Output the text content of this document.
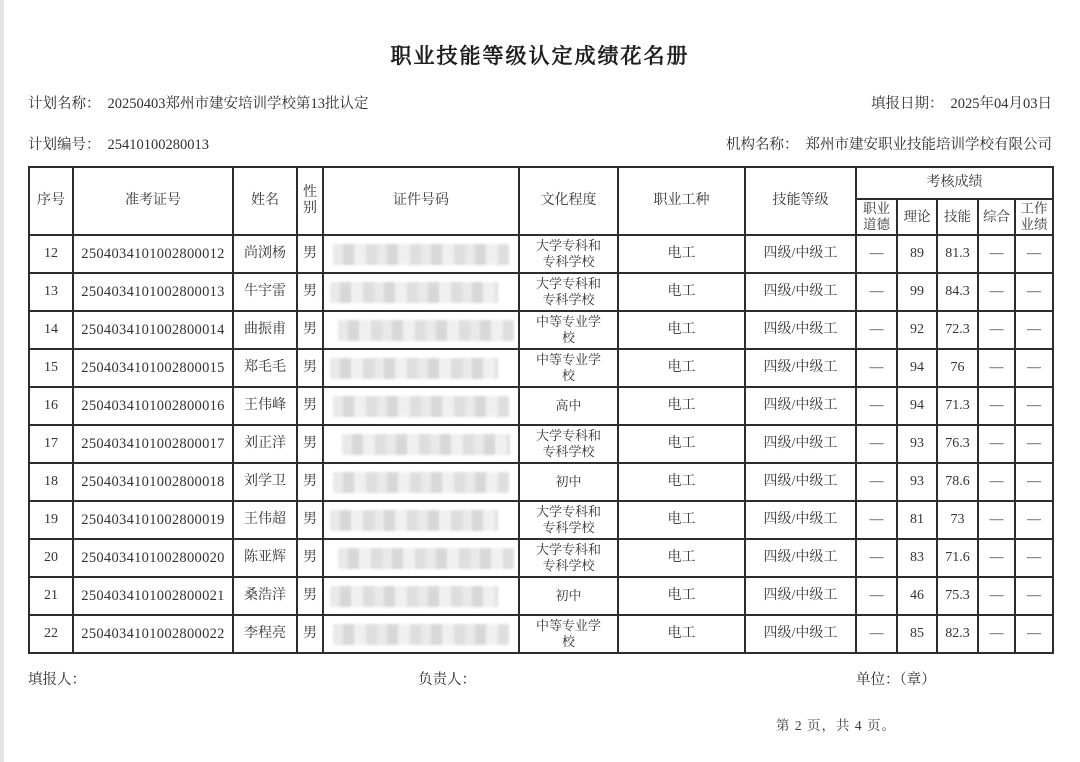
职业技能等级认定成绩花名册
计划名称： 20250403郑州市建安培训学校第13批认定	填报日期： 2025年04月03日
计划编号： 25410100280013	机构名称： 郑州市建安职业技能培训学校有限公司
序号	准考证号	姓名	性别	证件号码	文化程度	职业工种	技能等级	考核成绩				
								职业道德	理论	技能	综合	工作业绩
12	2504034101002800012	尚浏杨	男		大学专科和专科学校	电工	四级/中级工	—	89	81.3	—	—
13	2504034101002800013	牛宇雷	男		大学专科和专科学校	电工	四级/中级工	—	99	84.3	—	—
14	2504034101002800014	曲振甫	男		中等专业学校	电工	四级/中级工	—	92	72.3	—	—
15	2504034101002800015	郑毛毛	男		中等专业学校	电工	四级/中级工	—	94	76	—	—
16	2504034101002800016	王伟峰	男		高中	电工	四级/中级工	—	94	71.3	—	—
17	2504034101002800017	刘正洋	男		大学专科和专科学校	电工	四级/中级工	—	93	76.3	—	—
18	2504034101002800018	刘学卫	男		初中	电工	四级/中级工	—	93	78.6	—	—
19	2504034101002800019	王伟超	男		大学专科和专科学校	电工	四级/中级工	—	81	73	—	—
20	2504034101002800020	陈亚辉	男		大学专科和专科学校	电工	四级/中级工	—	83	71.6	—	—
21	2504034101002800021	桑浩洋	男		初中	电工	四级/中级工	—	46	75.3	—	—
22	2504034101002800022	李程亮	男		中等专业学校	电工	四级/中级工	—	85	82.3	—	—
填报人：	负责人：	单位：（章）
第 2 页，共 4 页。
